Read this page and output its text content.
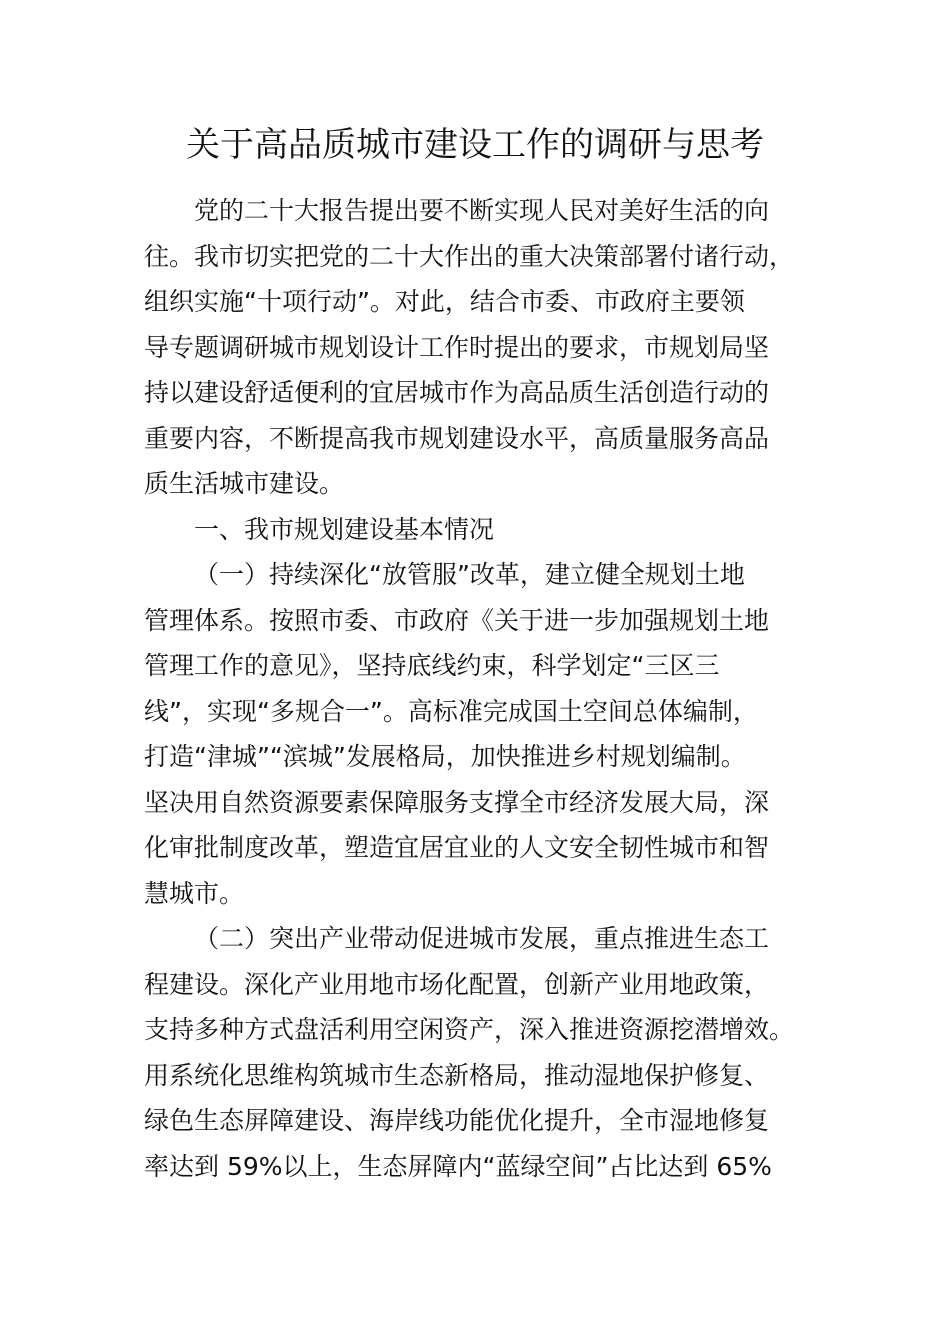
关于高品质城市建设工作的调研与思考

党的二十大报告提出要不断实现人民对美好生活的向

往。我市切实把党的二十大作出的重大决策部署付诸行动，

组织实施“十项行动”。对此，结合市委、市政府主要领

导专题调研城市规划设计工作时提出的要求，市规划局坚

持以建设舒适便利的宜居城市作为高品质生活创造行动的

重要内容，不断提高我市规划建设水平，高质量服务高品

质生活城市建设。

一、我市规划建设基本情况

（一）持续深化“放管服”改革，建立健全规划土地

管理体系。按照市委、市政府《关于进一步加强规划土地

管理工作的意见》，坚持底线约束，科学划定“三区三

线”，实现“多规合一”。高标准完成国土空间总体编制，

打造“津城”“滨城”发展格局，加快推进乡村规划编制。

坚决用自然资源要素保障服务支撑全市经济发展大局，深

化审批制度改革，塑造宜居宜业的人文安全韧性城市和智

慧城市。

（二）突出产业带动促进城市发展，重点推进生态工

程建设。深化产业用地市场化配置，创新产业用地政策，

支持多种方式盘活利用空闲资产，深入推进资源挖潜增效。

用系统化思维构筑城市生态新格局，推动湿地保护修复、

绿色生态屏障建设、海岸线功能优化提升，全市湿地修复

率达到 59%以上，生态屏障内“蓝绿空间”占比达到 65%
